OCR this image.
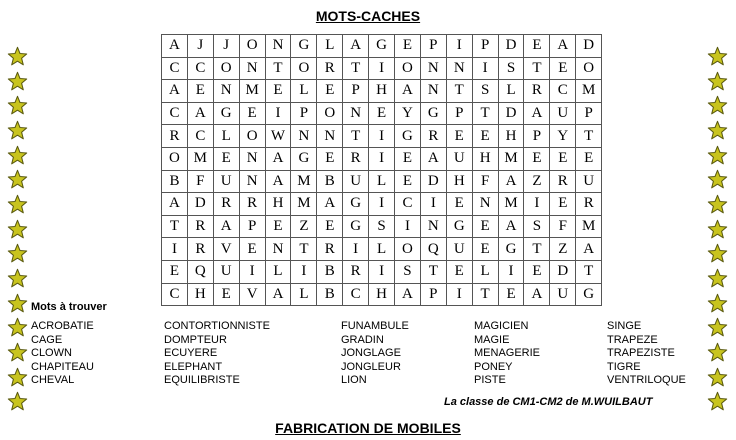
MOTS-CACHES
A	J	J	O	N	G	L	A	G	E	P	I	P	D	E	A	D
C	C	O	N	T	O	R	T	I	O	N	N	I	S	T	E	O
A	E	N	M	E	L	E	P	H	A	N	T	S	L	R	C	M
C	A	G	E	I	P	O	N	E	Y	G	P	T	D	A	U	P
R	C	L	O	W	N	N	T	I	G	R	E	E	H	P	Y	T
O	M	E	N	A	G	E	R	I	E	A	U	H	M	E	E	E
B	F	U	N	A	M	B	U	L	E	D	H	F	A	Z	R	U
A	D	R	R	H	M	A	G	I	C	I	E	N	M	I	E	R
T	R	A	P	E	Z	E	G	S	I	N	G	E	A	S	F	M
I	R	V	E	N	T	R	I	L	O	Q	U	E	G	T	Z	A
E	Q	U	I	L	I	B	R	I	S	T	E	L	I	E	D	T
C	H	E	V	A	L	B	C	H	A	P	I	T	E	A	U	G
Mots à trouver
ACROBATIE
CAGE
CLOWN
CHAPITEAU
CHEVAL
CONTORTIONNISTE
DOMPTEUR
ECUYERE
ELEPHANT
EQUILIBRISTE
FUNAMBULE
GRADIN
JONGLAGE
JONGLEUR
LION
MAGICIEN
MAGIE
MENAGERIE
PONEY
PISTE
SINGE
TRAPEZE
TRAPEZISTE
TIGRE
VENTRILOQUE
La classe de CM1-CM2 de M.WUILBAUT
FABRICATION DE MOBILES
